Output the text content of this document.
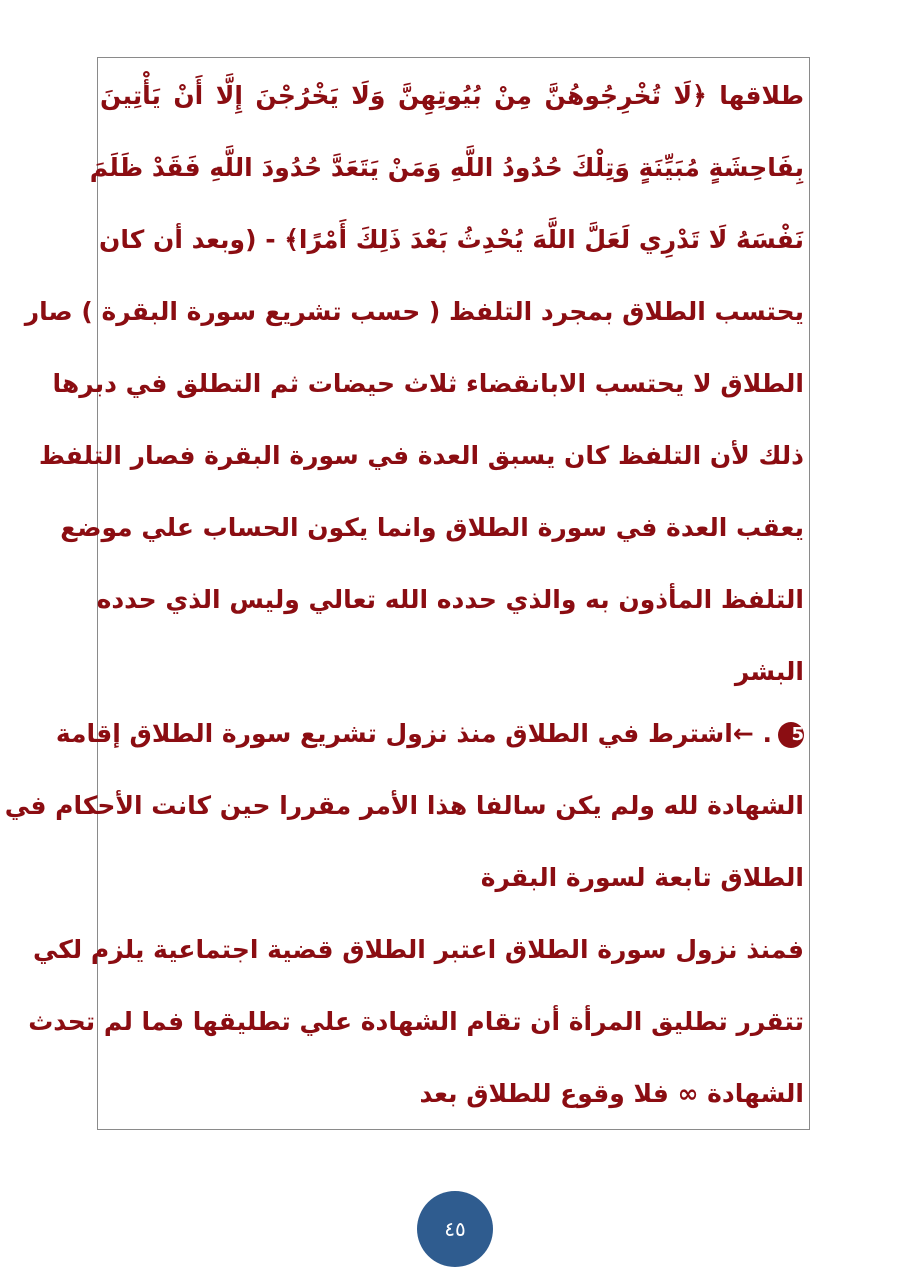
طلاقها ﴿لَا تُخْرِجُوهُنَّ مِنْ بُيُوتِهِنَّ وَلَا يَخْرُجْنَ إِلَّا أَنْ يَأْتِينَ
بِفَاحِشَةٍ مُبَيِّنَةٍ وَتِلْكَ حُدُودُ اللَّهِ وَمَنْ يَتَعَدَّ حُدُودَ اللَّهِ فَقَدْ ظَلَمَ
نَفْسَهُ لَا تَدْرِي لَعَلَّ اللَّهَ يُحْدِثُ بَعْدَ ذَلِكَ أَمْرًا﴾ - (وبعد أن كان
يحتسب الطلاق بمجرد التلفظ ( حسب تشريع سورة البقرة ) صار
الطلاق لا يحتسب الابانقضاء ثلاث حيضات ثم التطلق في دبرها
ذلك لأن التلفظ كان يسبق العدة في سورة البقرة فصار التلفظ
يعقب العدة في سورة الطلاق وانما يكون الحساب علي موضع
التلفظ المأذون به والذي حدده الله تعالي وليس الذي حدده
البشر
5. ←اشترط في الطلاق منذ نزول تشريع سورة الطلاق إقامة
الشهادة لله ولم يكن سالفا هذا الأمر مقررا حين كانت الأحكام في
الطلاق تابعة لسورة البقرة
فمنذ نزول سورة الطلاق اعتبر الطلاق قضية اجتماعية يلزم لكي
تتقرر تطليق المرأة أن تقام الشهادة علي تطليقها فما لم تحدث
الشهادة ∞ فلا وقوع للطلاق بعد
٤٥
